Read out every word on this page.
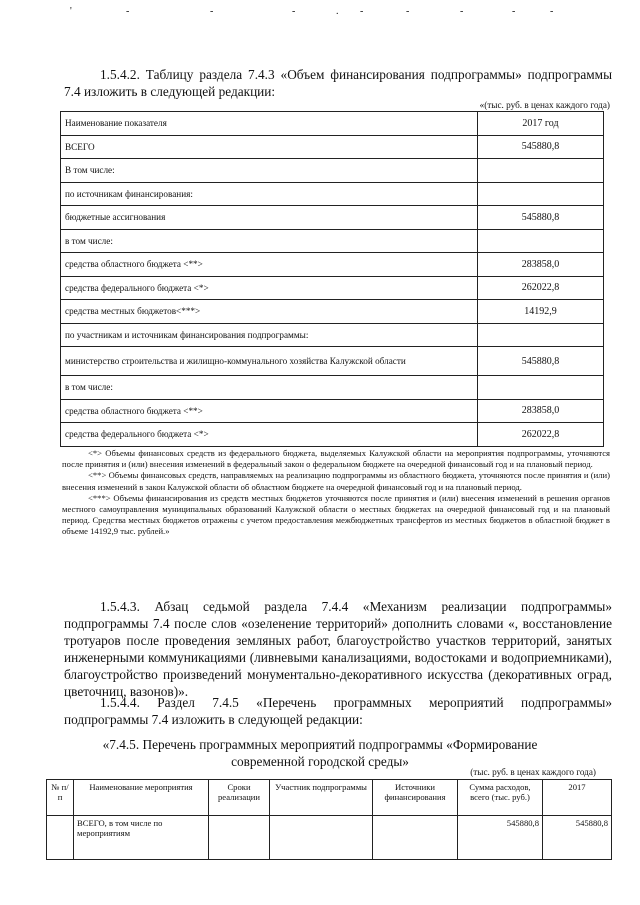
'	-	-	-	. -	-	-	-	-
1.5.4.2. Таблицу раздела 7.4.3 «Объем финансирования подпрограммы» подпрограммы 7.4 изложить в следующей редакции:
«(тыс. руб. в ценах каждого года)
Наименование показателя	2017 год
ВСЕГО	545880,8
В том числе:	
по источникам финансирования:	
бюджетные ассигнования	545880,8
в том числе:	
средства областного бюджета <**>	283858,0
средства федерального бюджета <*>	262022,8
средства местных бюджетов<***>	14192,9
по участникам и источникам финансирования подпрограммы:	
министерство строительства и жилищно-коммунального хозяйства Калужской области	545880,8
в том числе:	
средства областного бюджета <**>	283858,0
средства федерального бюджета <*>	262022,8
<*> Объемы финансовых средств из федерального бюджета, выделяемых Калужской области на мероприятия подпрограммы, уточняются после принятия и (или) внесения изменений в федеральный закон о федеральном бюджете на очередной финансовый год и на плановый период.
<**> Объемы финансовых средств, направляемых на реализацию подпрограммы из областного бюджета, уточняются после принятия и (или) внесения изменений в закон Калужской области об областном бюджете на очередной финансовый год и на плановый период.
<***> Объемы финансирования из средств местных бюджетов уточняются после принятия и (или) внесения изменений в решения органов местного самоуправления муниципальных образований Калужской области о местных бюджетах на очередной финансовый год и на плановый период. Средства местных бюджетов отражены с учетом предоставления межбюджетных трансфертов из местных бюджетов в областной бюджет в объеме 14192,9 тыс. рублей.»
1.5.4.3. Абзац седьмой раздела 7.4.4 «Механизм реализации подпрограммы» подпрограммы 7.4 после слов «озеленение территорий» дополнить словами «, восстановление тротуаров после проведения земляных работ, благоустройство участков территорий, занятых инженерными коммуникациями (ливневыми канализациями, водостоками и водоприемниками), благоустройство произведений монументально-декоративного искусства (декоративных оград, цветочниц, вазонов)».
1.5.4.4. Раздел 7.4.5 «Перечень программных мероприятий подпрограммы» подпрограммы 7.4 изложить в следующей редакции:
«7.4.5. Перечень программных мероприятий подпрограммы «Формирование
современной городской среды»
(тыс. руб. в ценах каждого года)
№ п/п	Наименование мероприятия	Сроки реализации	Участник подпрограммы	Источники финансирования	Сумма расходов, всего (тыс. руб.)	2017
	ВСЕГО, в том числе по мероприятиям				545880,8	545880,8
